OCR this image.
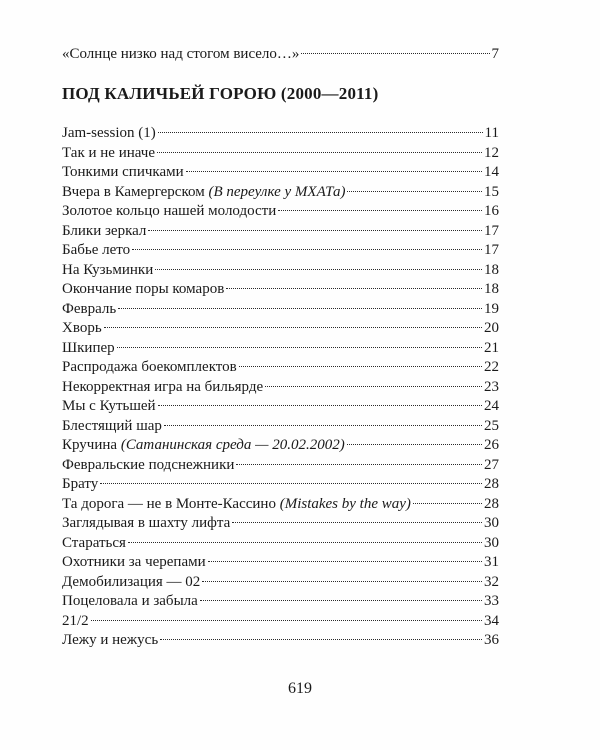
«Солнце низко над стогом висело…»	7
ПОД КАЛИЧЬЕЙ ГОРОЮ (2000—2011)
Jam-session (1)	11
Так и не иначе	12
Тонкими спичками	14
Вчера в Камергерском (В переулке у МХАТа)	15
Золотое кольцо нашей молодости	16
Блики зеркал	17
Бабье лето	17
На Кузьминки	18
Окончание поры комаров	18
Февраль	19
Хворь	20
Шкипер	21
Распродажа боекомплектов	22
Некорректная игра на бильярде	23
Мы с Кутьшей	24
Блестящий шар	25
Кручина (Сатанинская среда — 20.02.2002)	26
Февральские подснежники	27
Брату	28
Та дорога — не в Монте-Кассино (Mistakes by the way)	28
Заглядывая в шахту лифта	30
Стараться	30
Охотники за черепами	31
Демобилизация — 02	32
Поцеловала и забыла	33
21/2	34
Лежу и нежусь	36
619
